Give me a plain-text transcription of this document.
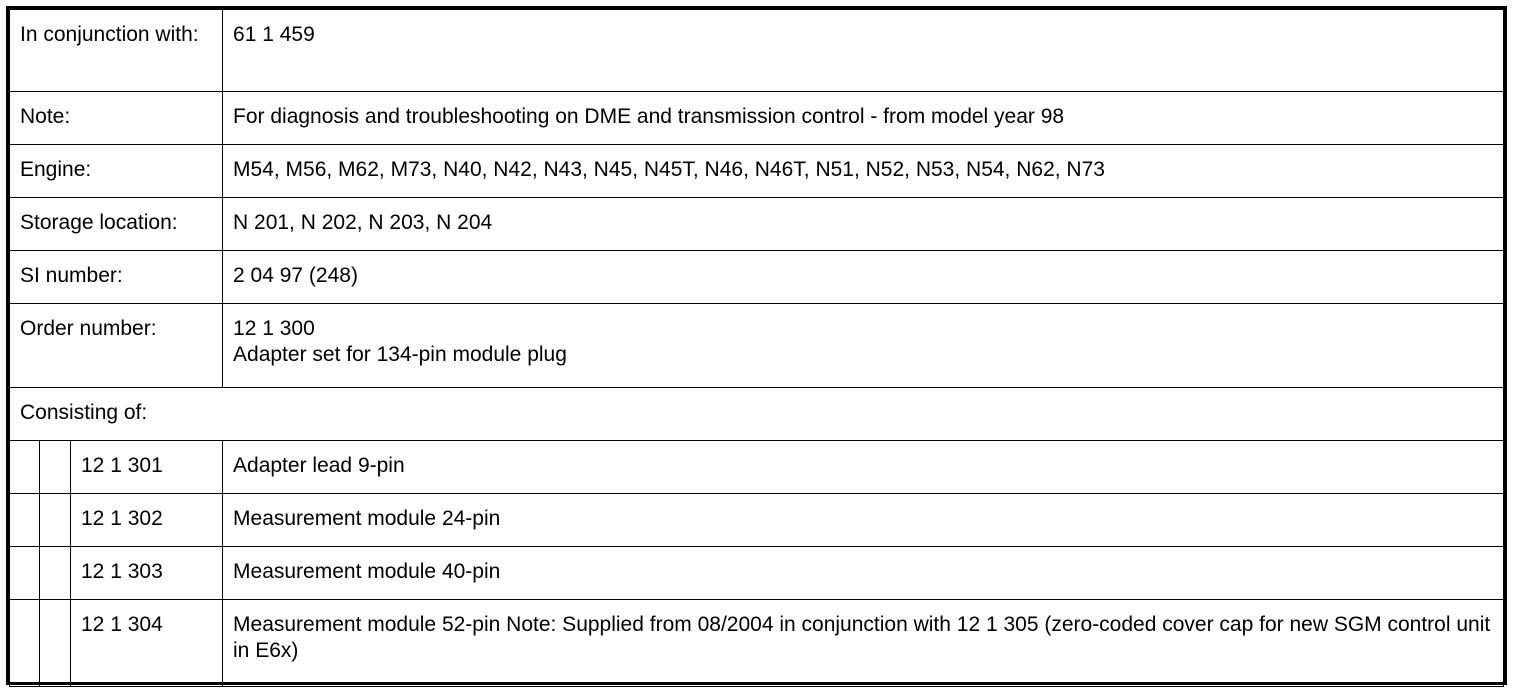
In conjunction with:			61 1 459
Note:			For diagnosis and troubleshooting on DME and transmission control - from model year 98
Engine:			M54, M56, M62, M73, N40, N42, N43, N45, N45T, N46, N46T, N51, N52, N53, N54, N62, N73
Storage location:			N 201, N 202, N 203, N 204
SI number:			2 04 97 (248)
Order number:			12 1 300
Adapter set for 134-pin module plug
Consisting of:			
		12 1 301	Adapter lead 9-pin
		12 1 302	Measurement module 24-pin
		12 1 303	Measurement module 40-pin
		12 1 304	Measurement module 52-pin Note: Supplied from 08/2004 in conjunction with 12 1 305 (zero-coded cover cap for new SGM control unit in E6x)
